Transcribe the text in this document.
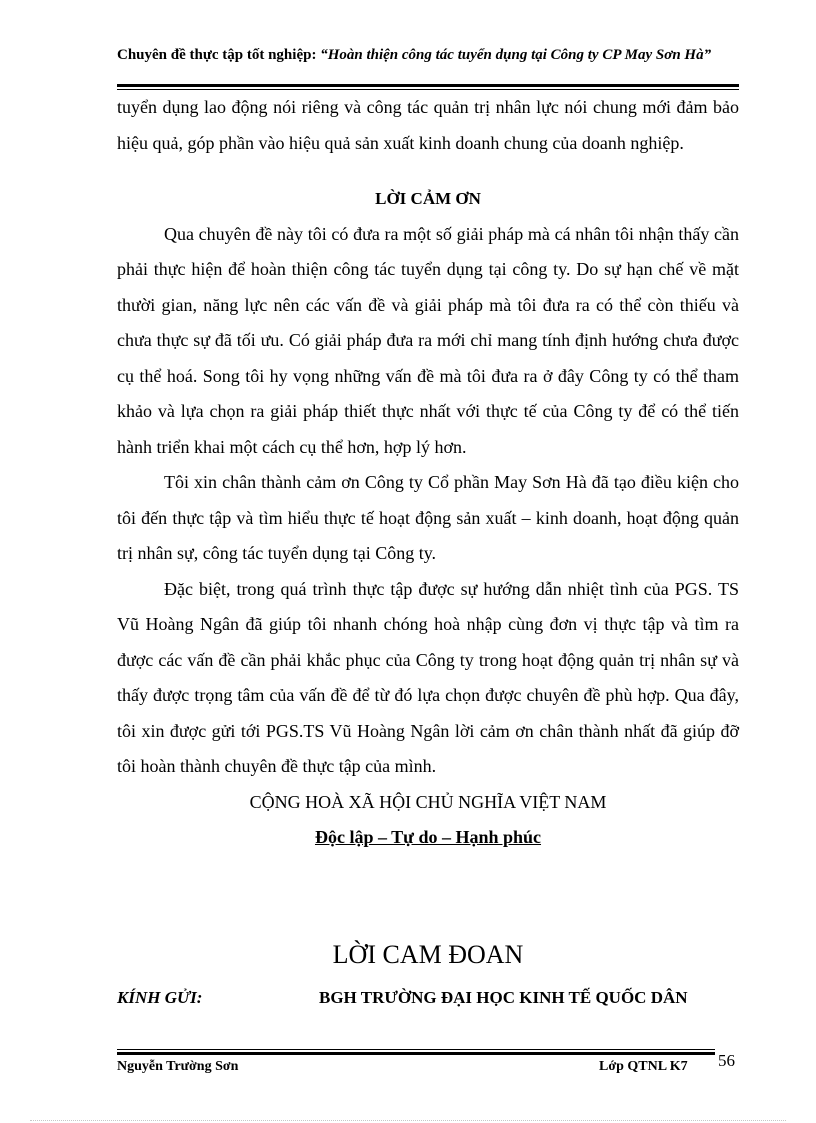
Chuyên đề thực tập tốt nghiệp: “Hoàn thiện công tác tuyển dụng tại Công ty CP May Sơn Hà”

tuyển dụng lao động nói riêng và công tác quản trị nhân lực nói chung mới đảm bảo hiệu quả, góp phần vào hiệu quả sản xuất kinh doanh chung của doanh nghiệp.

LỜI CẢM ƠN

Qua chuyên đề này tôi có đưa ra một số giải pháp mà cá nhân tôi nhận thấy cần phải thực hiện để hoàn thiện công tác tuyển dụng tại công ty. Do sự hạn chế về mặt thười gian, năng lực nên các vấn đề và giải pháp mà tôi đưa ra có thể còn thiếu và chưa thực sự đã tối ưu. Có giải pháp đưa ra mới chỉ mang tính định hướng chưa được cụ thể hoá. Song tôi hy vọng những vấn đề mà tôi đưa ra ở đây Công ty có thể tham khảo và lựa chọn ra giải pháp thiết thực nhất với thực tế của Công ty để có thể tiến hành triển khai một cách cụ thể hơn, hợp lý hơn.

Tôi xin chân thành cảm ơn Công ty Cổ phần May Sơn Hà đã tạo điều kiện cho tôi đến thực tập và tìm hiểu thực tế hoạt động sản xuất – kinh doanh, hoạt động quản trị nhân sự, công tác tuyển dụng tại Công ty.

Đặc biệt, trong quá trình thực tập được sự hướng dẫn nhiệt tình của PGS. TS Vũ Hoàng Ngân đã giúp tôi nhanh chóng hoà nhập cùng đơn vị thực tập và tìm ra được các vấn đề cần phải khắc phục của Công ty trong hoạt động quản trị nhân sự và thấy được trọng tâm của vấn đề để từ đó lựa chọn được chuyên đề phù hợp. Qua đây, tôi xin được gửi tới PGS.TS Vũ Hoàng Ngân lời cảm ơn chân thành nhất đã giúp đỡ tôi hoàn thành chuyên đề thực tập của mình.

CỘNG HOÀ XÃ HỘI CHỦ NGHĨA VIỆT NAM

Độc lập – Tự do – Hạnh phúc

LỜI CAM ĐOAN
KÍNH GỬI:	BGH TRƯỜNG ĐẠI HỌC KINH TẾ QUỐC DÂN
Nguyễn Trường Sơn	Lớp QTNL K7 56
